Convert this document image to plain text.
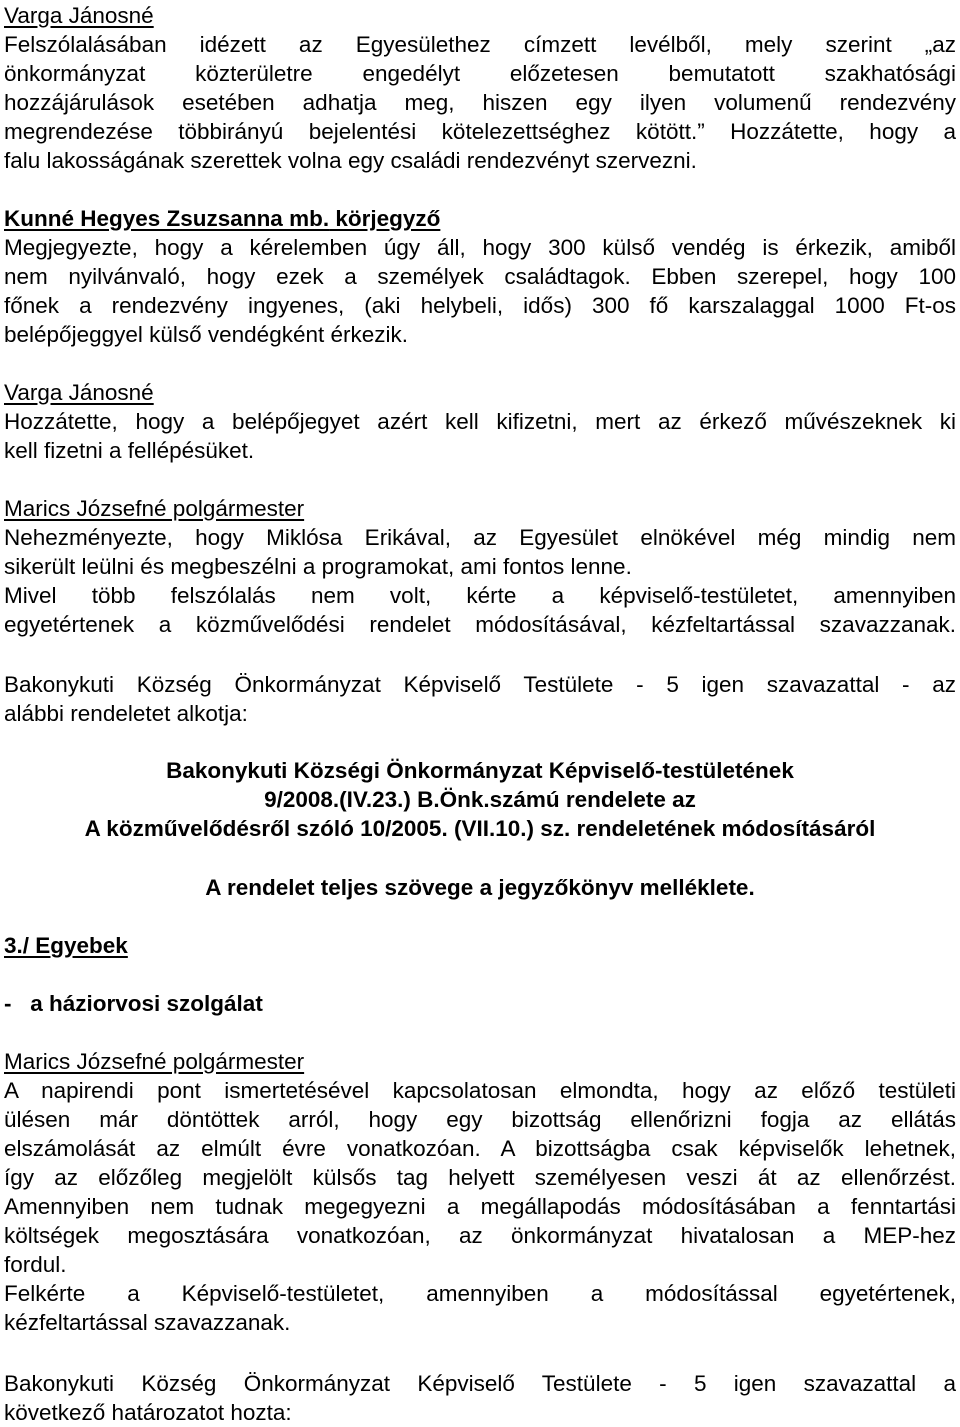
Varga Jánosné
Felszólalásában idézett az Egyesülethez címzett levélből, mely szerint „az
önkormányzat közterületre engedélyt előzetesen bemutatott szakhatósági
hozzájárulások esetében adhatja meg, hiszen egy ilyen volumenű rendezvény
megrendezése többirányú bejelentési kötelezettséghez kötött.” Hozzátette, hogy a
falu lakosságának szerettek volna egy családi rendezvényt szervezni.
Kunné Hegyes Zsuzsanna mb. körjegyző
Megjegyezte, hogy a kérelemben úgy áll, hogy 300 külső vendég is érkezik, amiből
nem nyilvánvaló, hogy ezek a személyek családtagok. Ebben szerepel, hogy 100
főnek a rendezvény ingyenes, (aki helybeli, idős) 300 fő karszalaggal 1000 Ft-os
belépőjeggyel külső vendégként érkezik.
Varga Jánosné
Hozzátette, hogy a belépőjegyet azért kell kifizetni, mert az érkező művészeknek ki
kell fizetni a fellépésüket.
Marics Józsefné polgármester
Nehezményezte, hogy Miklósa Erikával, az Egyesület elnökével még mindig nem
sikerült leülni és megbeszélni a programokat, ami fontos lenne.
Mivel több felszólalás nem volt, kérte a képviselő-testületet, amennyiben
egyetértenek a közművelődési rendelet módosításával, kézfeltartással szavazzanak.
Bakonykuti Község Önkormányzat Képviselő Testülete - 5 igen szavazattal - az
alábbi rendeletet alkotja:
Bakonykuti Községi Önkormányzat Képviselő-testületének
9/2008.(IV.23.) B.Önk.számú rendelete az
A közművelődésről szóló 10/2005. (VII.10.) sz. rendeletének módosításáról
A rendelet teljes szövege a jegyzőkönyv melléklete.
3./ Egyebek
-   a háziorvosi szolgálat
Marics Józsefné polgármester
A napirendi pont ismertetésével kapcsolatosan elmondta, hogy az előző testületi
ülésen már döntöttek arról, hogy egy bizottság ellenőrizni fogja az ellátás
elszámolását az elmúlt évre vonatkozóan. A bizottságba csak képviselők lehetnek,
így az előzőleg megjelölt külsős tag helyett személyesen veszi át az ellenőrzést.
Amennyiben nem tudnak megegyezni a megállapodás módosításában a fenntartási
költségek megosztására vonatkozóan, az önkormányzat hivatalosan a MEP-hez
fordul.
Felkérte a Képviselő-testületet, amennyiben a módosítással egyetértenek,
kézfeltartással szavazzanak.
Bakonykuti Község Önkormányzat Képviselő Testülete - 5 igen szavazattal a
következő határozatot hozta:
